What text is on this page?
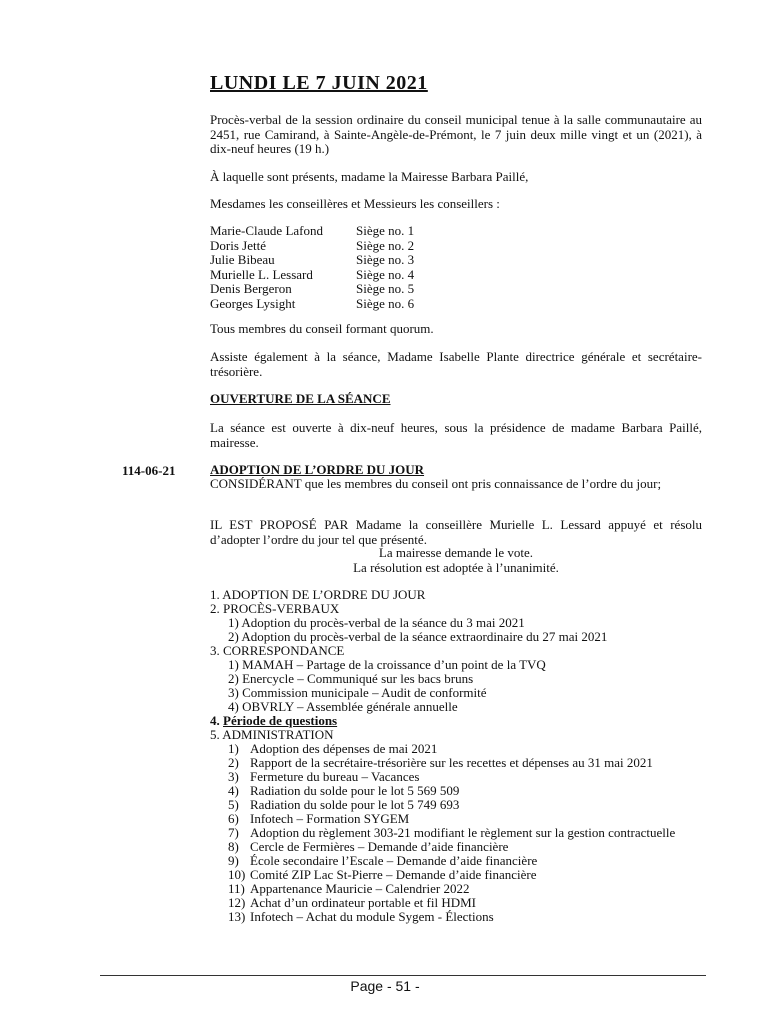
LUNDI LE 7 JUIN 2021
Procès-verbal de la session ordinaire du conseil municipal tenue à la salle communautaire au 2451, rue Camirand, à Sainte-Angèle-de-Prémont, le 7 juin deux mille vingt et un (2021), à dix-neuf heures (19 h.)
À laquelle sont présents, madame la Mairesse Barbara Paillé,
Mesdames les conseillères et Messieurs les conseillers :
Marie-Claude Lafond	Siège no. 1
Doris Jetté	Siège no. 2
Julie Bibeau	Siège no. 3
Murielle L. Lessard	Siège no. 4
Denis Bergeron	Siège no. 5
Georges Lysight	Siège no. 6
Tous membres du conseil formant quorum.
Assiste également à la séance, Madame Isabelle Plante directrice générale et secrétaire-trésorière.
OUVERTURE DE LA SÉANCE
La séance est ouverte à dix-neuf heures, sous la présidence de madame Barbara Paillé, mairesse.
114-06-21	ADOPTION DE L’ORDRE DU JOUR
CONSIDÉRANT que les membres du conseil ont pris connaissance de l’ordre du jour;
IL EST PROPOSÉ PAR Madame la conseillère Murielle L. Lessard appuyé et résolu d’adopter l’ordre du jour tel que présenté.
La mairesse demande le vote.
La résolution est adoptée à l’unanimité.
1. ADOPTION DE L’ORDRE DU JOUR
2. PROCÈS-VERBAUX
1) Adoption du procès-verbal de la séance du 3 mai 2021
2) Adoption du procès-verbal de la séance extraordinaire du 27 mai 2021
3. CORRESPONDANCE
1) MAMAH – Partage de la croissance d’un point de la TVQ
2) Enercycle – Communiqué sur les bacs bruns
3) Commission municipale – Audit de conformité
4) OBVRLY – Assemblée générale annuelle
4. Période de questions
5. ADMINISTRATION
1) Adoption des dépenses de mai 2021
2) Rapport de la secrétaire-trésorière sur les recettes et dépenses au 31 mai 2021
3) Fermeture du bureau – Vacances
4) Radiation du solde pour le lot 5 569 509
5) Radiation du solde pour le lot 5 749 693
6) Infotech – Formation SYGEM
7) Adoption du règlement 303-21 modifiant le règlement sur la gestion contractuelle
8) Cercle de Fermières – Demande d’aide financière
9) École secondaire l’Escale – Demande d’aide financière
10) Comité ZIP Lac St-Pierre – Demande d’aide financière
11) Appartenance Mauricie – Calendrier 2022
12) Achat d’un ordinateur portable et fil HDMI
13) Infotech – Achat du module Sygem - Élections
Page - 51 -
